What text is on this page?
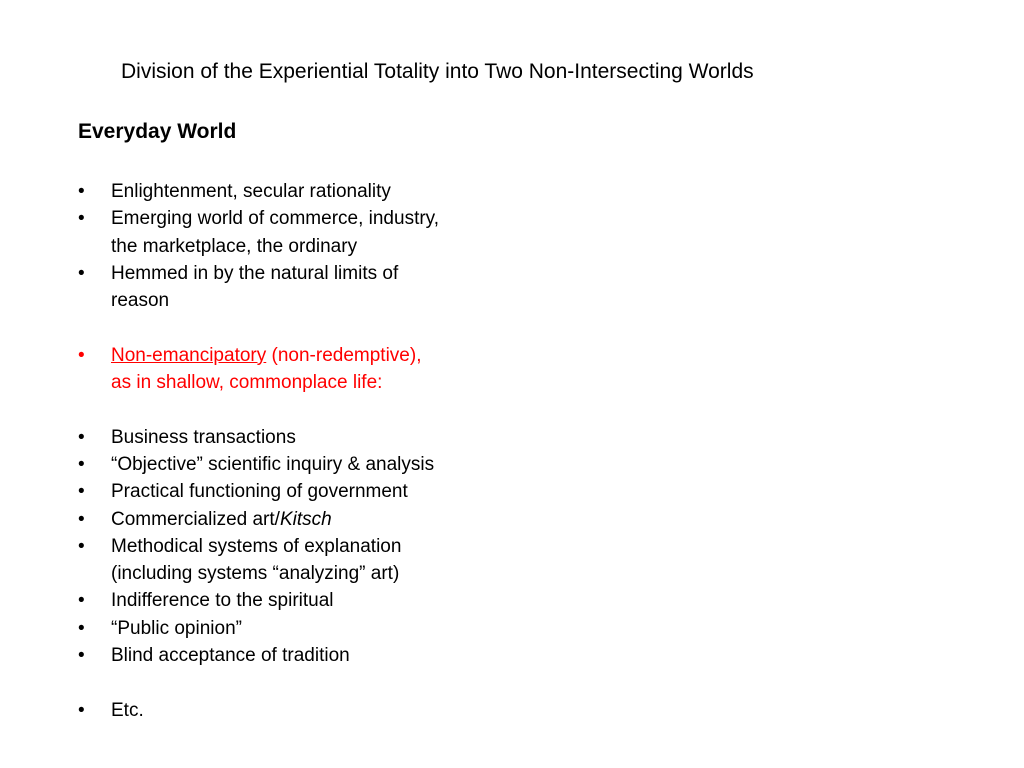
Division of the Experiential Totality into Two Non-Intersecting Worlds
Everyday World
•	Enlightenment, secular rationality
•	Emerging world of commerce, industry,
the marketplace, the ordinary
•	Hemmed in by the natural limits of
reason
•	Non-emancipatory (non-redemptive),
as in shallow, commonplace life:
•	Business transactions
•	“Objective” scientific inquiry & analysis
•	Practical functioning of government
•	Commercialized art/Kitsch
•	Methodical systems of explanation
(including systems “analyzing” art)
•	Indifference to the spiritual
•	“Public opinion”
•	Blind acceptance of tradition
•	Etc.
